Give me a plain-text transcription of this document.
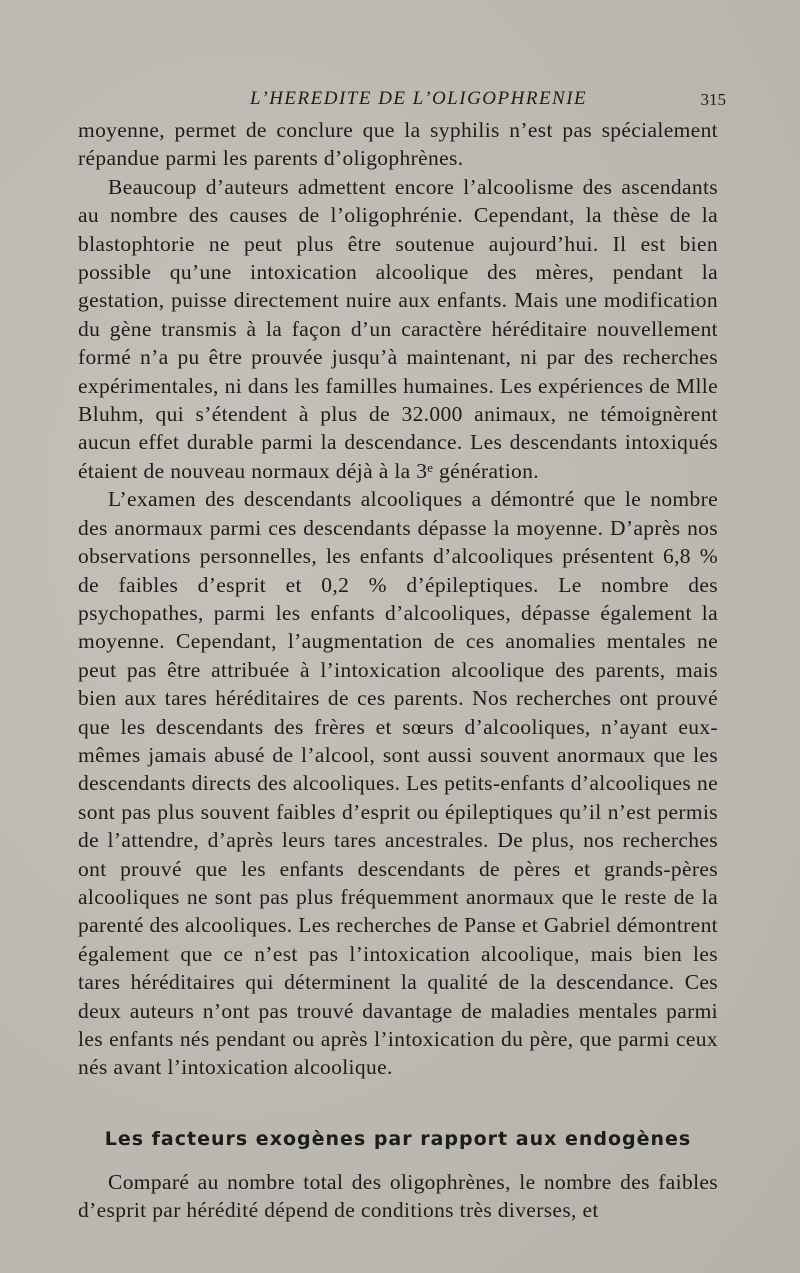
L’HEREDITE DE L’OLIGOPHRENIE	315

moyenne, permet de conclure que la syphilis n’est pas spécialement répandue parmi les parents d’oligophrènes.

Beaucoup d’auteurs admettent encore l’alcoolisme des ascendants au nombre des causes de l’oligophrénie. Cependant, la thèse de la blastophtorie ne peut plus être soutenue aujourd’hui. Il est bien possible qu’une intoxication alcoolique des mères, pendant la gestation, puisse directement nuire aux enfants. Mais une modification du gène transmis à la façon d’un caractère héréditaire nouvellement formé n’a pu être prouvée jusqu’à maintenant, ni par des recherches expérimentales, ni dans les familles humaines. Les expériences de Mlle Bluhm, qui s’étendent à plus de 32.000 animaux, ne témoignèrent aucun effet durable parmi la descendance. Les descendants intoxiqués étaient de nouveau normaux déjà à la 3ᵉ génération.

L’examen des descendants alcooliques a démontré que le nombre des anormaux parmi ces descendants dépasse la moyenne. D’après nos observations personnelles, les enfants d’alcooliques présentent 6,8 % de faibles d’esprit et 0,2 % d’épileptiques. Le nombre des psychopathes, parmi les enfants d’alcooliques, dépasse également la moyenne. Cependant, l’augmentation de ces anomalies mentales ne peut pas être attribuée à l’intoxication alcoolique des parents, mais bien aux tares héréditaires de ces parents. Nos recherches ont prouvé que les descendants des frères et sœurs d’alcooliques, n’ayant eux-mêmes jamais abusé de l’alcool, sont aussi souvent anormaux que les descendants directs des alcooliques. Les petits-enfants d’alcooliques ne sont pas plus souvent faibles d’esprit ou épileptiques qu’il n’est permis de l’attendre, d’après leurs tares ancestrales. De plus, nos recherches ont prouvé que les enfants descendants de pères et grands-pères alcooliques ne sont pas plus fréquemment anormaux que le reste de la parenté des alcooliques. Les recherches de Panse et Gabriel démontrent également que ce n’est pas l’intoxication alcoolique, mais bien les tares héréditaires qui déterminent la qualité de la descendance. Ces deux auteurs n’ont pas trouvé davantage de maladies mentales parmi les enfants nés pendant ou après l’intoxication du père, que parmi ceux nés avant l’intoxication alcoolique.

Les facteurs exogènes par rapport aux endogènes

Comparé au nombre total des oligophrènes, le nombre des faibles d’esprit par hérédité dépend de conditions très diverses, et
